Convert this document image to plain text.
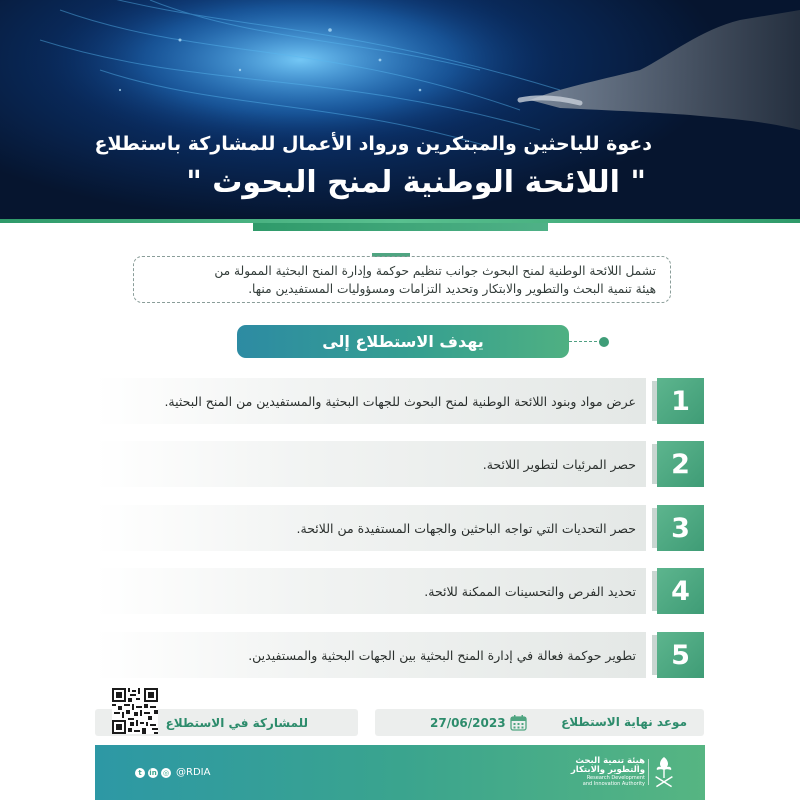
دعوة للباحثين والمبتكرين ورواد الأعمال للمشاركة باستطلاع
" اللائحة الوطنية لمنح البحوث "

تشمل اللائحة الوطنية لمنح البحوث جوانب تنظيم حوكمة وإدارة المنح البحثية الممولة من

هيئة تنمية البحث والتطوير والابتكار وتحديد التزامات ومسؤوليات المستفيدين منها.

يهدف الاستطلاع إلى
عرض مواد وبنود اللائحة الوطنية لمنح البحوث للجهات البحثية والمستفيدين من المنح البحثية.	1
حصر المرئيات لتطوير اللائحة.	2
حصر التحديات التي تواجه الباحثين والجهات المستفيدة من اللائحة.	3
تحديد الفرص والتحسينات الممكنة للائحة.	4
تطوير حوكمة فعالة في إدارة المنح البحثية بين الجهات البحثية والمستفيدين.	5
للمشاركة في الاستطلاع	موعد نهاية الاستطلاع
27/06/2023
t	in ◎ @RDIA
هيئة تنمية البحث
والتطوير والابتكار
Research Development
and Innovation Authority
